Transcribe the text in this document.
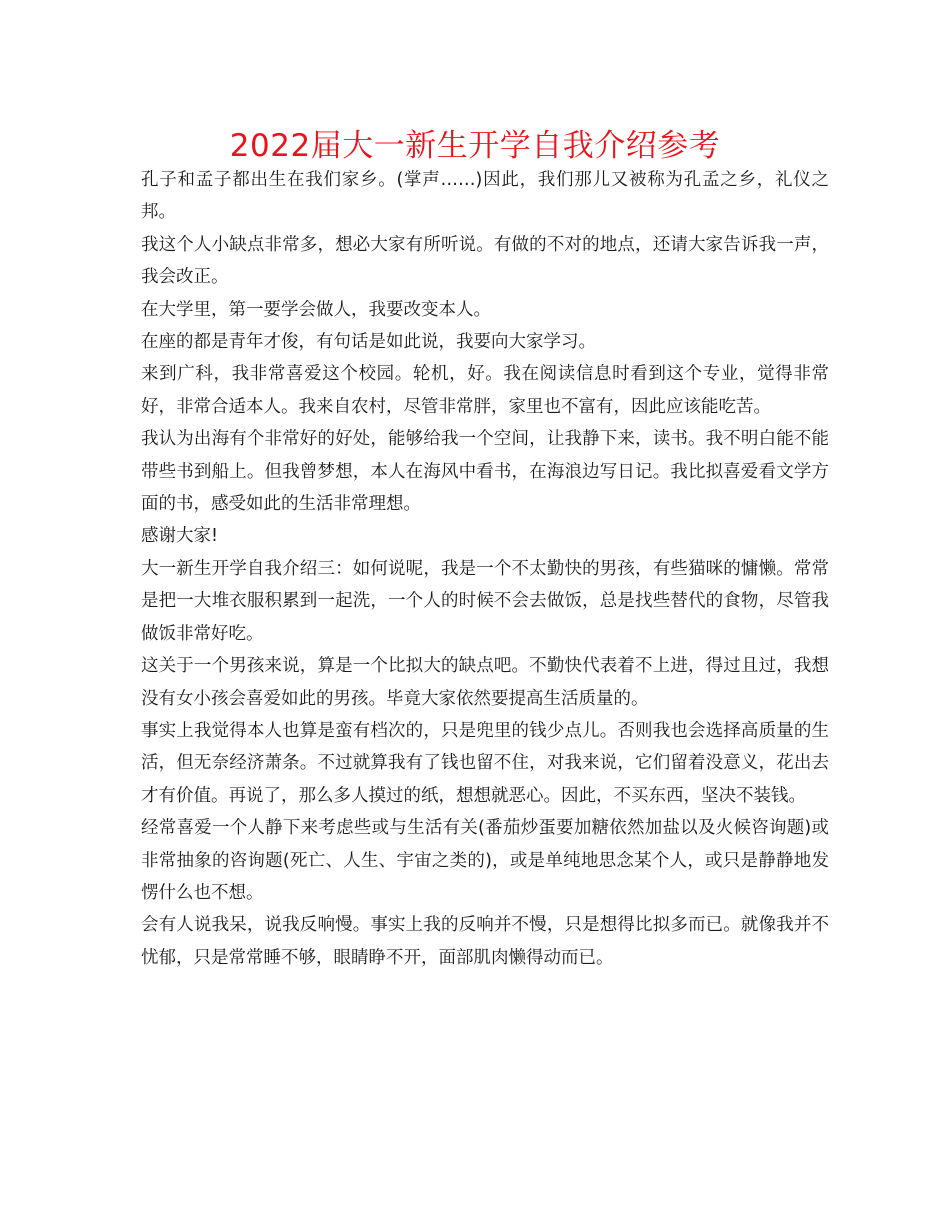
2022届大一新生开学自我介绍参考

孔子和孟子都出生在我们家乡。(掌声……)因此，我们那儿又被称为孔孟之乡，礼仪之邦。

我这个人小缺点非常多，想必大家有所听说。有做的不对的地点，还请大家告诉我一声，我会改正。

在大学里，第一要学会做人，我要改变本人。

在座的都是青年才俊，有句话是如此说，我要向大家学习。

来到广科，我非常喜爱这个校园。轮机，好。我在阅读信息时看到这个专业，觉得非常好，非常合适本人。我来自农村，尽管非常胖，家里也不富有，因此应该能吃苦。

我认为出海有个非常好的好处，能够给我一个空间，让我静下来，读书。我不明白能不能带些书到船上。但我曾梦想，本人在海风中看书，在海浪边写日记。我比拟喜爱看文学方面的书，感受如此的生活非常理想。

感谢大家!

大一新生开学自我介绍三：如何说呢，我是一个不太勤快的男孩，有些猫咪的慵懒。常常是把一大堆衣服积累到一起洗，一个人的时候不会去做饭，总是找些替代的食物，尽管我做饭非常好吃。

这关于一个男孩来说，算是一个比拟大的缺点吧。不勤快代表着不上进，得过且过，我想没有女小孩会喜爱如此的男孩。毕竟大家依然要提高生活质量的。

事实上我觉得本人也算是蛮有档次的，只是兜里的钱少点儿。否则我也会选择高质量的生活，但无奈经济萧条。不过就算我有了钱也留不住，对我来说，它们留着没意义，花出去才有价值。再说了，那么多人摸过的纸，想想就恶心。因此，不买东西，坚决不装钱。

经常喜爱一个人静下来考虑些或与生活有关(番茄炒蛋要加糖依然加盐以及火候咨询题)或非常抽象的咨询题(死亡、人生、宇宙之类的)，或是单纯地思念某个人，或只是静静地发愣什么也不想。

会有人说我呆，说我反响慢。事实上我的反响并不慢，只是想得比拟多而已。就像我并不忧郁，只是常常睡不够，眼睛睁不开，面部肌肉懒得动而已。
